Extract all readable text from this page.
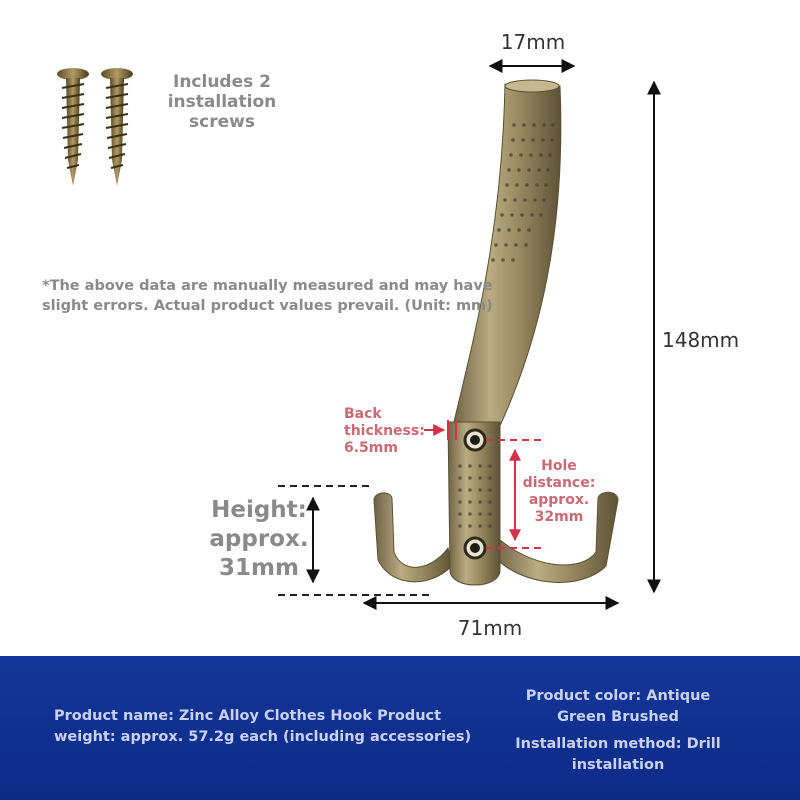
Includes 2 installation screws
*The above data are manually measured and may have slight errors. Actual product values prevail. (Unit: mm)
17mm
148mm
71mm
Back thickness: 6.5mm
Hole distance: approx. 32mm
Height: approx. 31mm
Product name: Zinc Alloy Clothes Hook Product weight: approx. 57.2g each (including accessories)
Product color: Antique Green Brushed
Installation method: Drill installation
